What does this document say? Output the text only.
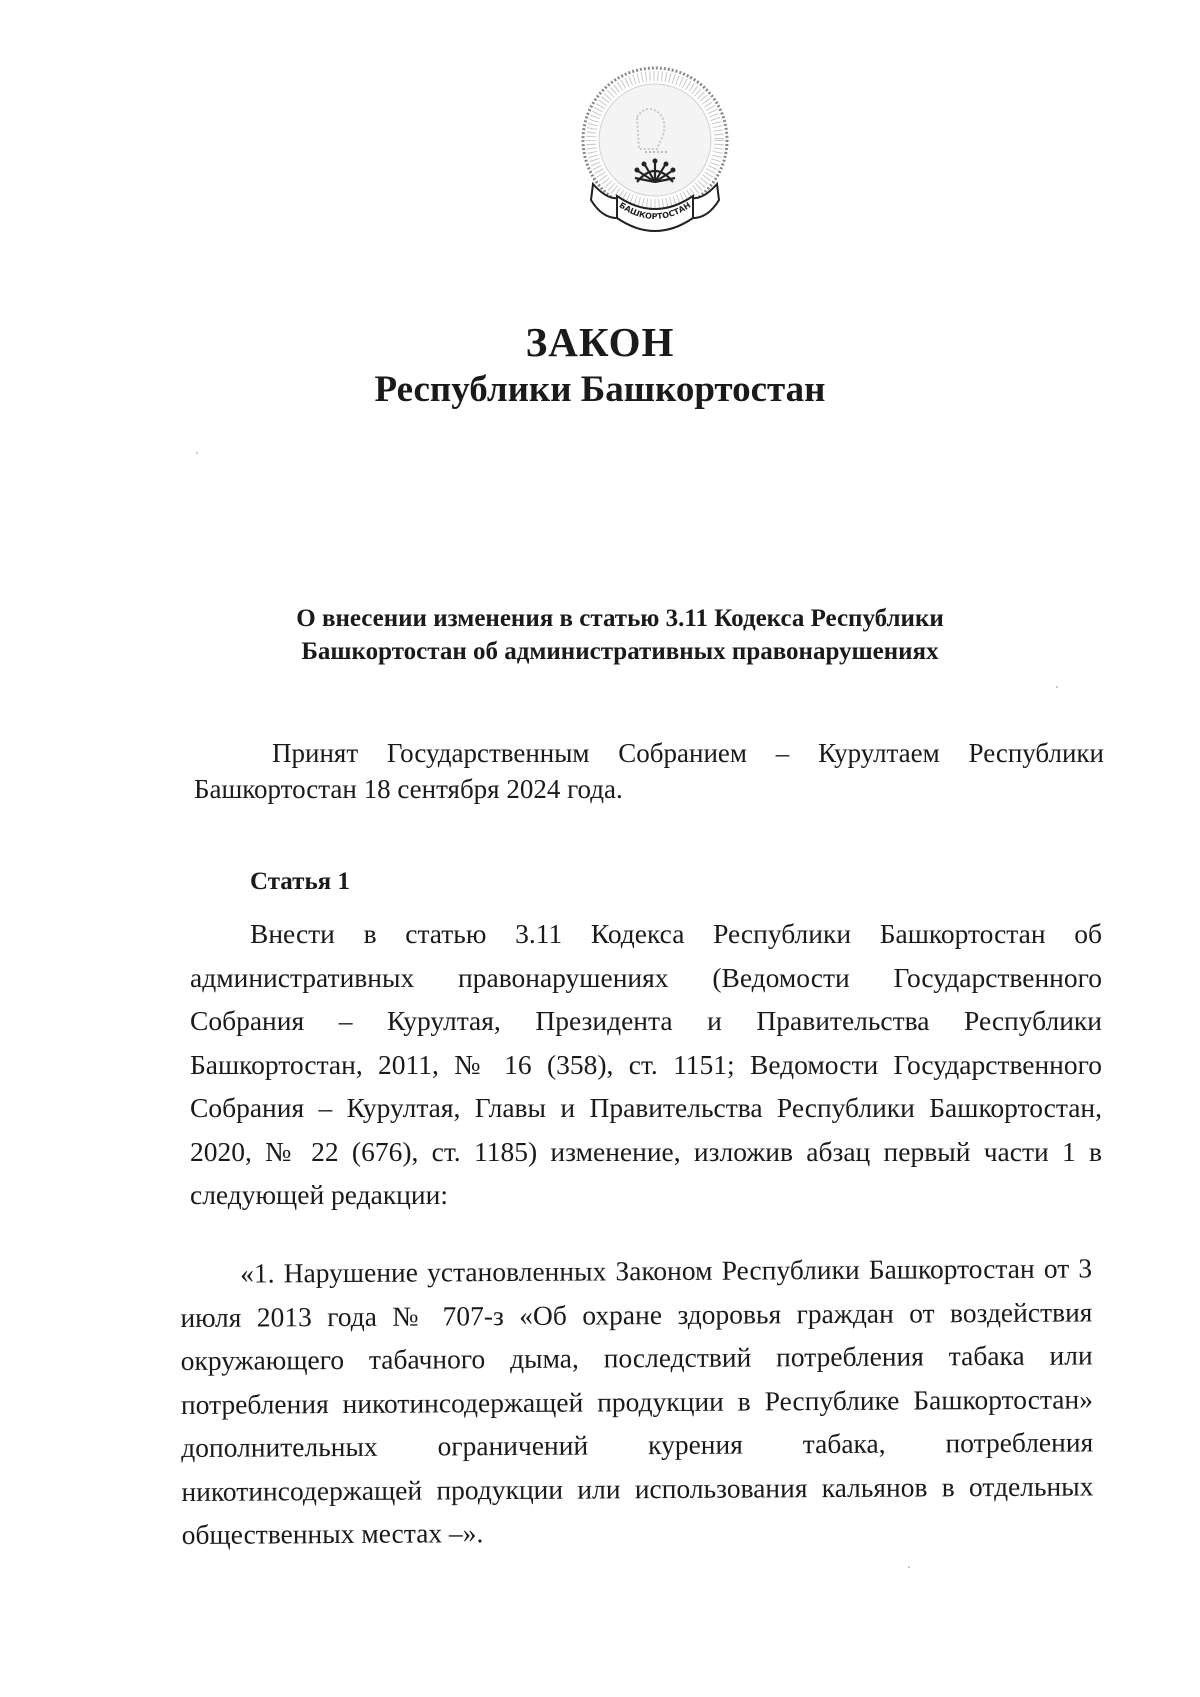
БАШКОРТОСТАН
ЗАКОН
Республики Башкортостан
О внесении изменения в статью 3.11 Кодекса Республики
Башкортостан об административных правонарушениях

Принят Государственным Собранием – Курултаем Республики Башкортостан 18 сентября 2024 года.

Статья 1

Внести в статью 3.11 Кодекса Республики Башкортостан об административных правонарушениях (Ведомости Государственного Собрания – Курултая, Президента и Правительства Республики Башкортостан, 2011, № 16 (358), ст. 1151; Ведомости Государственного Собрания – Курултая, Главы и Правительства Республики Башкортостан, 2020, № 22 (676), ст. 1185) изменение, изложив абзац первый части 1 в следующей редакции:

«1. Нарушение установленных Законом Республики Башкортостан от 3 июля 2013 года № 707-з «Об охране здоровья граждан от воздействия окружающего табачного дыма, последствий потребления табака или потребления никотинсодержащей продукции в Республике Башкортостан» дополнительных ограничений курения табака, потребления никотинсодержащей продукции или использования кальянов в отдельных общественных местах –».
